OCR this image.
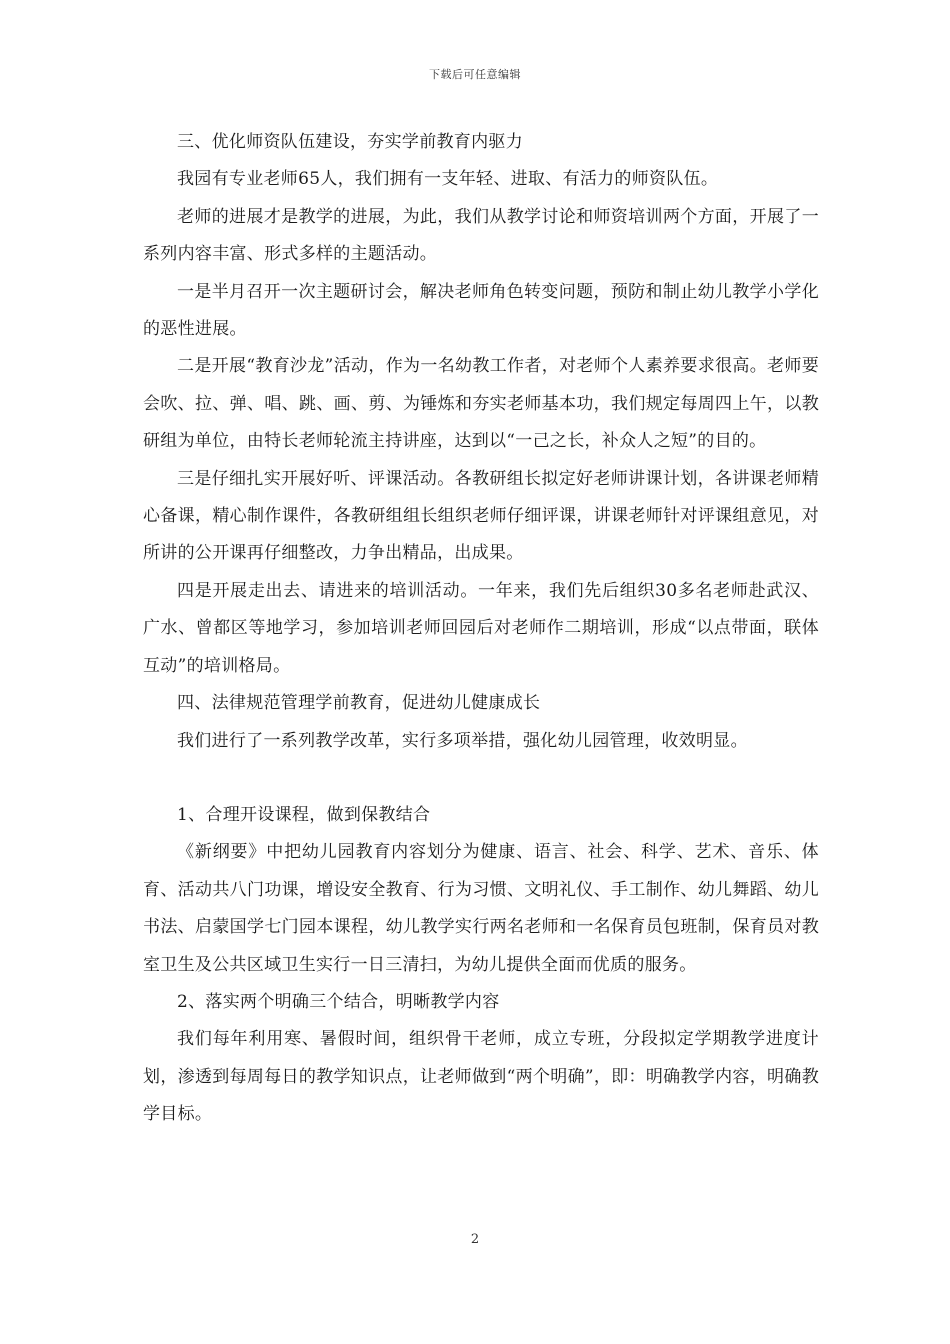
下载后可任意编辑

三、优化师资队伍建设，夯实学前教育内驱力

我园有专业老师65人，我们拥有一支年轻、进取、有活力的师资队伍。

老师的进展才是教学的进展，为此，我们从教学讨论和师资培训两个方面，开展了一系列内容丰富、形式多样的主题活动。

一是半月召开一次主题研讨会，解决老师角色转变问题，预防和制止幼儿教学小学化的恶性进展。

二是开展“教育沙龙”活动，作为一名幼教工作者，对老师个人素养要求很高。老师要会吹、拉、弹、唱、跳、画、剪、为锤炼和夯实老师基本功，我们规定每周四上午，以教研组为单位，由特长老师轮流主持讲座，达到以“一己之长，补众人之短”的目的。

三是仔细扎实开展好听、评课活动。各教研组长拟定好老师讲课计划，各讲课老师精心备课，精心制作课件，各教研组组长组织老师仔细评课，讲课老师针对评课组意见，对所讲的公开课再仔细整改，力争出精品，出成果。

四是开展走出去、请进来的培训活动。一年来，我们先后组织30多名老师赴武汉、广水、曾都区等地学习，参加培训老师回园后对老师作二期培训，形成“以点带面，联体互动”的培训格局。

四、法律规范管理学前教育，促进幼儿健康成长

我们进行了一系列教学改革，实行多项举措，强化幼儿园管理，收效明显。

1、合理开设课程，做到保教结合

《新纲要》中把幼儿园教育内容划分为健康、语言、社会、科学、艺术、音乐、体育、活动共八门功课，增设安全教育、行为习惯、文明礼仪、手工制作、幼儿舞蹈、幼儿书法、启蒙国学七门园本课程，幼儿教学实行两名老师和一名保育员包班制，保育员对教室卫生及公共区域卫生实行一日三清扫，为幼儿提供全面而优质的服务。

2、落实两个明确三个结合，明晰教学内容

我们每年利用寒、暑假时间，组织骨干老师，成立专班，分段拟定学期教学进度计划，渗透到每周每日的教学知识点，让老师做到“两个明确”，即：明确教学内容，明确教学目标。

2
